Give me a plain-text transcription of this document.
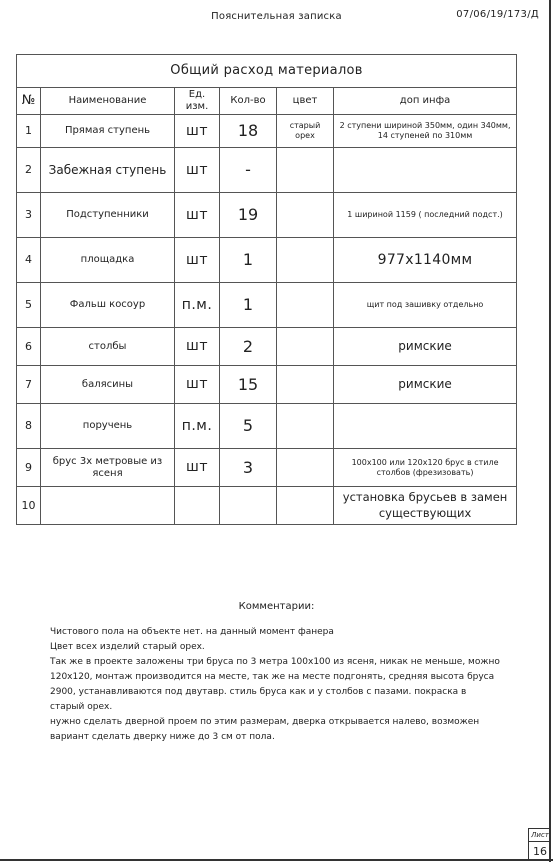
Пояснительная записка	07/06/19/173/Д
Общий расход материалов					
№	Наименование	Ед. изм.	Кол-во	цвет	доп инфа
1	Прямая ступень	шт	18	старый орех	2 ступени шириной 350мм, один 340мм, 14 ступеней по 310мм
2	Забежная ступень	шт	-		
3	Подступенники	шт	19		1 шириной 1159 ( последний подст.)
4	площадка	шт	1		977x1140мм
5	Фальш косоур	п.м.	1		щит под зашивку отдельно
6	столбы	шт	2		римские
7	балясины	шт	15		римские
8	поручень	п.м.	5		
9	брус 3х метровые из ясеня	шт	3		100x100 или 120x120 брус в стиле столбов (фрезизовать)
10					установка брусьев в замен существующих
Комментарии:

Чистового пола на объекте нет. на данный момент фанера

Цвет всех изделий старый орех.

Так же в проекте заложены три бруса по 3 метра 100x100 из ясеня, никак не меньше, можно 120x120, монтаж производится на месте, так же на месте подгонять, средняя высота бруса 2900, устанавливаются под двутавр. стиль бруса как и у столбов с пазами. покраска в старый орех.

нужно сделать дверной проем по этим размерам, дверка открывается налево, возможен вариант сделать дверку ниже до 3 см от пола.

Лист
16
